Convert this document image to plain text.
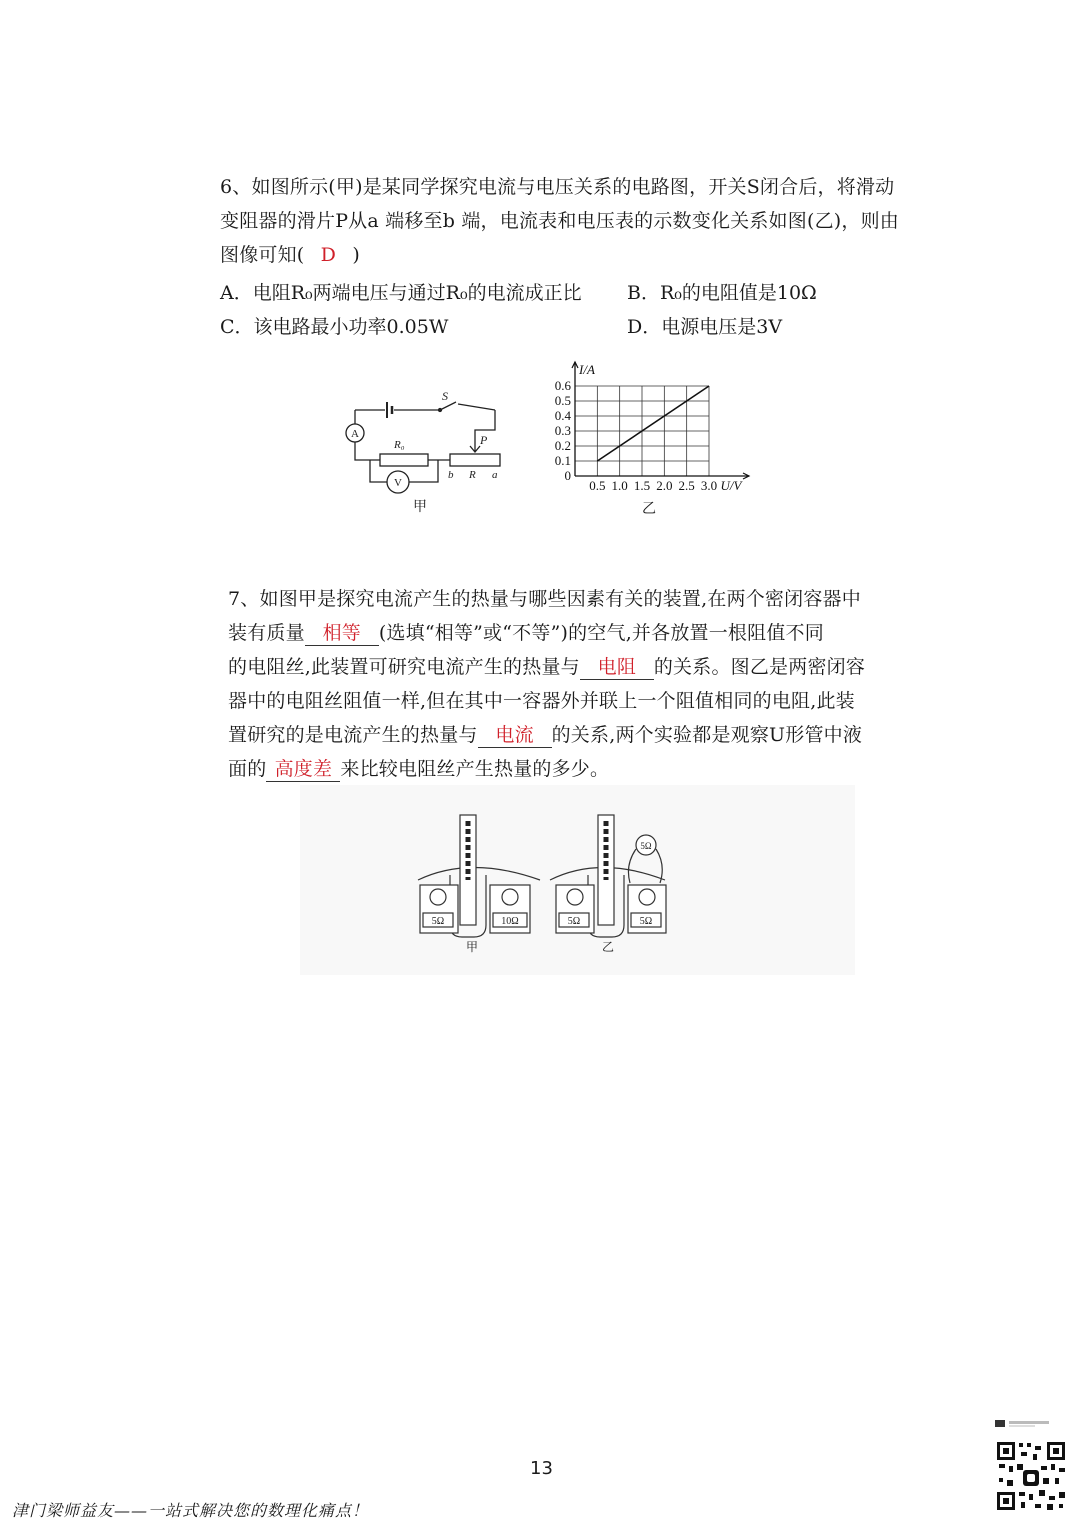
6、如图所示(甲)是某同学探究电流与电压关系的电路图，开关S闭合后，将滑动
变阻器的滑片P从a 端移至b 端，电流表和电压表的示数变化关系如图(乙)，则由
图像可知( D )
A．电阻R₀两端电压与通过R₀的电流成正比 B．R₀的电阻值是10Ω
C．该电路最小功率0.05W	D．电源电压是3V
A
V
S
P
R₀
b R a
甲
0.5 1.0 1.5 2.0 2.5 3.0
0
0.1
0.2
0.3
0.4
0.5
0.6
I/A
U/V
乙
7、如图甲是探究电流产生的热量与哪些因素有关的装置,在两个密闭容器中
装有质量 相等 (选填“相等”或“不等”)的空气,并各放置一根阻值不同
的电阻丝,此装置可研究电流产生的热量与 电阻 的关系。图乙是两密闭容
器中的电阻丝阻值一样,但在其中一容器外并联上一个阻值相同的电阻,此装
置研究的是电流产生的热量与 电流 的关系,两个实验都是观察U形管中液
面的 高度差 来比较电阻丝产生热量的多少。
5Ω	10Ω
甲
5Ω	5Ω
5Ω
乙
13
津门梁师益友——一站式解决您的数理化痛点！
